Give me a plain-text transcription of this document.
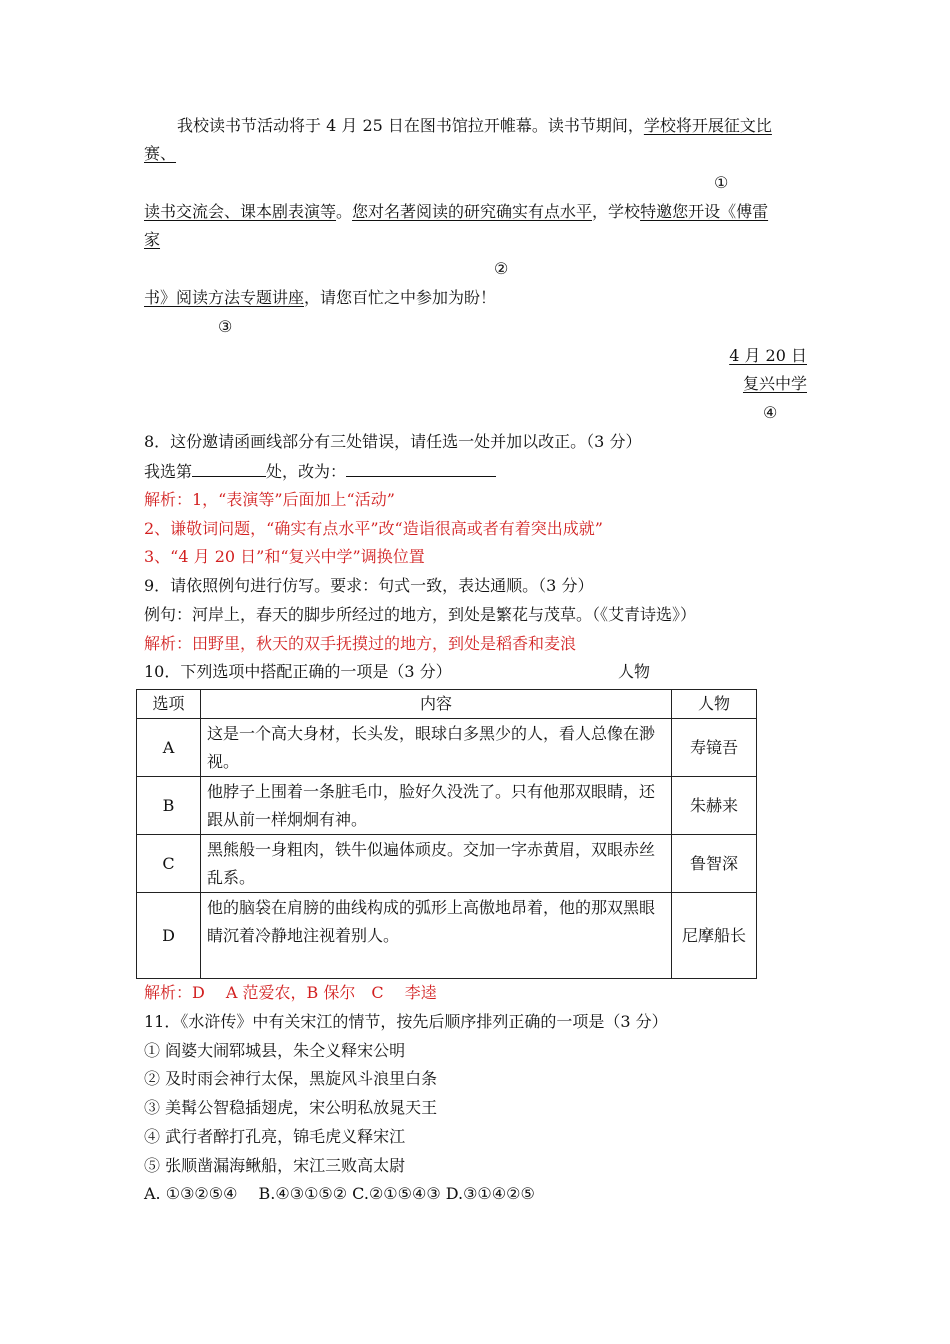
我校读书节活动将于 4 月 25 日在图书馆拉开帷幕。读书节期间，学校将开展征文比
赛、
①
读书交流会、课本剧表演等。您对名著阅读的研究确实有点水平，学校特邀您开设《傅雷
家
②
书》阅读方法专题讲座，请您百忙之中参加为盼！
③
4 月 20 日
复兴中学
④
8．这份邀请函画线部分有三处错误，请任选一处并加以改正。（3 分）
我选第	处，改为：
解析：1，“表演等”后面加上“活动”
2、谦敬词问题，“确实有点水平”改“造诣很高或者有着突出成就”
3、“4 月 20 日”和“复兴中学”调换位置
9．请依照例句进行仿写。要求：句式一致，表达通顺。（3 分）
例句：河岸上，春天的脚步所经过的地方，到处是繁花与茂草。（《艾青诗选》）
解析：田野里，秋天的双手抚摸过的地方，到处是稻香和麦浪
10．下列选项中搭配正确的一项是（3 分）	人物
选项	内容	人物
A	这是一个高大身材，长头发，眼球白多黑少的人，看人总像在渺视。	寿镜吾
B	他脖子上围着一条脏毛巾，脸好久没洗了。只有他那双眼睛，还跟从前一样炯炯有神。	朱赫来
C	黑熊般一身粗肉，铁牛似遍体顽皮。交加一字赤黄眉，双眼赤丝乱系。	鲁智深
D	他的脑袋在肩膀的曲线构成的弧形上高傲地昂着，他的那双黑眼睛沉着冷静地注视着别人。	尼摩船长
解析：D　 A 范爱农，B 保尔　C　 李逵
11．《水浒传》中有关宋江的情节，按先后顺序排列正确的一项是（3 分）
① 阎婆大闹郓城县，朱仝义释宋公明
② 及时雨会神行太保，黑旋风斗浪里白条
③ 美髯公智稳插翅虎，宋公明私放晁天王
④ 武行者醉打孔亮，锦毛虎义释宋江
⑤ 张顺凿漏海鳅船，宋江三败高太尉
A. ①③②⑤④　 B.④③①⑤② C.②①⑤④③ D.③①④②⑤
